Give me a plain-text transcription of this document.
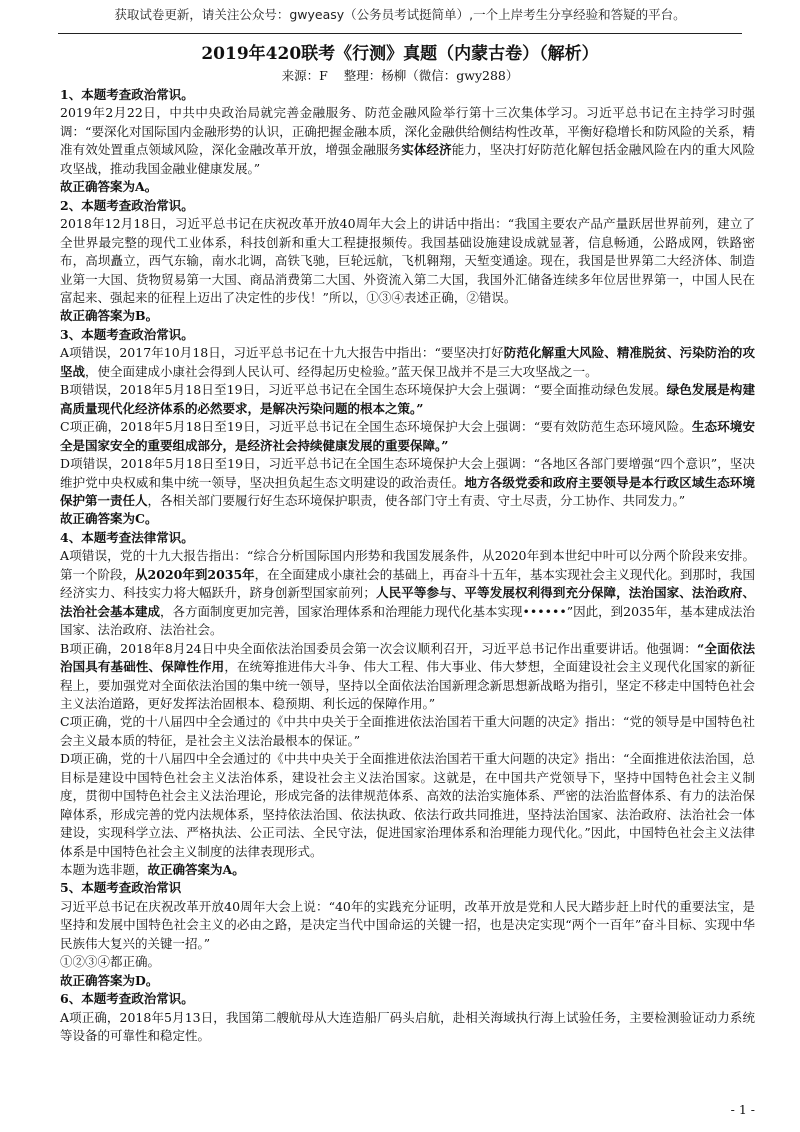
获取试卷更新，请关注公众号：gwyeasy（公务员考试挺简单）,一个上岸考生分享经验和答疑的平台。
2019年420联考《行测》真题（内蒙古卷）（解析）
来源：F 整理：杨柳（微信：gwy288）

1、本题考查政治常识。

2019年2月22日，中共中央政治局就完善金融服务、防范金融风险举行第十三次集体学习。习近平总书记在主持学习时强调：“要深化对国际国内金融形势的认识，正确把握金融本质，深化金融供给侧结构性改革，平衡好稳增长和防风险的关系，精准有效处置重点领域风险，深化金融改革开放，增强金融服务实体经济能力，坚决打好防范化解包括金融风险在内的重大风险攻坚战，推动我国金融业健康发展。”

故正确答案为A。

2、本题考查政治常识。

2018年12月18日，习近平总书记在庆祝改革开放40周年大会上的讲话中指出：“我国主要农产品产量跃居世界前列，建立了全世界最完整的现代工业体系，科技创新和重大工程捷报频传。我国基础设施建设成就显著，信息畅通，公路成网，铁路密布，高坝矗立，西气东输，南水北调，高铁飞驰，巨轮远航，飞机翱翔，天堑变通途。现在，我国是世界第二大经济体、制造业第一大国、货物贸易第一大国、商品消费第二大国、外资流入第二大国，我国外汇储备连续多年位居世界第一，中国人民在富起来、强起来的征程上迈出了决定性的步伐！”所以，①③④表述正确，②错误。

故正确答案为B。

3、本题考查政治常识。

A项错误，2017年10月18日，习近平总书记在十九大报告中指出：“要坚决打好防范化解重大风险、精准脱贫、污染防治的攻坚战，使全面建成小康社会得到人民认可、经得起历史检验。”蓝天保卫战并不是三大攻坚战之一。

B项错误，2018年5月18日至19日，习近平总书记在全国生态环境保护大会上强调：“要全面推动绿色发展。绿色发展是构建高质量现代化经济体系的必然要求，是解决污染问题的根本之策。”

C项正确，2018年5月18日至19日，习近平总书记在全国生态环境保护大会上强调：“要有效防范生态环境风险。生态环境安全是国家安全的重要组成部分，是经济社会持续健康发展的重要保障。”

D项错误，2018年5月18日至19日，习近平总书记在全国生态环境保护大会上强调：“各地区各部门要增强“四个意识”，坚决维护党中央权威和集中统一领导，坚决担负起生态文明建设的政治责任。地方各级党委和政府主要领导是本行政区域生态环境保护第一责任人，各相关部门要履行好生态环境保护职责，使各部门守土有责、守土尽责，分工协作、共同发力。”

故正确答案为C。

4、本题考查法律常识。

A项错误，党的十九大报告指出：“综合分析国际国内形势和我国发展条件，从2020年到本世纪中叶可以分两个阶段来安排。第一个阶段，从2020年到2035年，在全面建成小康社会的基础上，再奋斗十五年，基本实现社会主义现代化。到那时，我国经济实力、科技实力将大幅跃升，跻身创新型国家前列；人民平等参与、平等发展权利得到充分保障，法治国家、法治政府、法治社会基本建成，各方面制度更加完善，国家治理体系和治理能力现代化基本实现••••••”因此，到2035年，基本建成法治国家、法治政府、法治社会。

B项正确，2018年8月24日中央全面依法治国委员会第一次会议顺利召开，习近平总书记作出重要讲话。他强调：“全面依法治国具有基础性、保障性作用，在统筹推进伟大斗争、伟大工程、伟大事业、伟大梦想，全面建设社会主义现代化国家的新征程上，要加强党对全面依法治国的集中统一领导，坚持以全面依法治国新理念新思想新战略为指引，坚定不移走中国特色社会主义法治道路，更好发挥法治固根本、稳预期、利长远的保障作用。”

C项正确，党的十八届四中全会通过的《中共中央关于全面推进依法治国若干重大问题的决定》指出：“党的领导是中国特色社会主义最本质的特征，是社会主义法治最根本的保证。”

D项正确，党的十八届四中全会通过的《中共中央关于全面推进依法治国若干重大问题的决定》指出：“全面推进依法治国，总目标是建设中国特色社会主义法治体系，建设社会主义法治国家。这就是，在中国共产党领导下，坚持中国特色社会主义制度，贯彻中国特色社会主义法治理论，形成完备的法律规范体系、高效的法治实施体系、严密的法治监督体系、有力的法治保障体系，形成完善的党内法规体系，坚持依法治国、依法执政、依法行政共同推进，坚持法治国家、法治政府、法治社会一体建设，实现科学立法、严格执法、公正司法、全民守法，促进国家治理体系和治理能力现代化。”因此，中国特色社会主义法律体系是中国特色社会主义制度的法律表现形式。

本题为选非题，故正确答案为A。

5、本题考查政治常识

习近平总书记在庆祝改革开放40周年大会上说：“40年的实践充分证明，改革开放是党和人民大踏步赶上时代的重要法宝，是坚持和发展中国特色社会主义的必由之路，是决定当代中国命运的关键一招，也是决定实现“两个一百年”奋斗目标、实现中华民族伟大复兴的关键一招。”

①②③④都正确。

故正确答案为D。

6、本题考查政治常识。

A项正确，2018年5月13日，我国第二艘航母从大连造船厂码头启航，赴相关海域执行海上试验任务，主要检测验证动力系统等设备的可靠性和稳定性。

- 1 -
